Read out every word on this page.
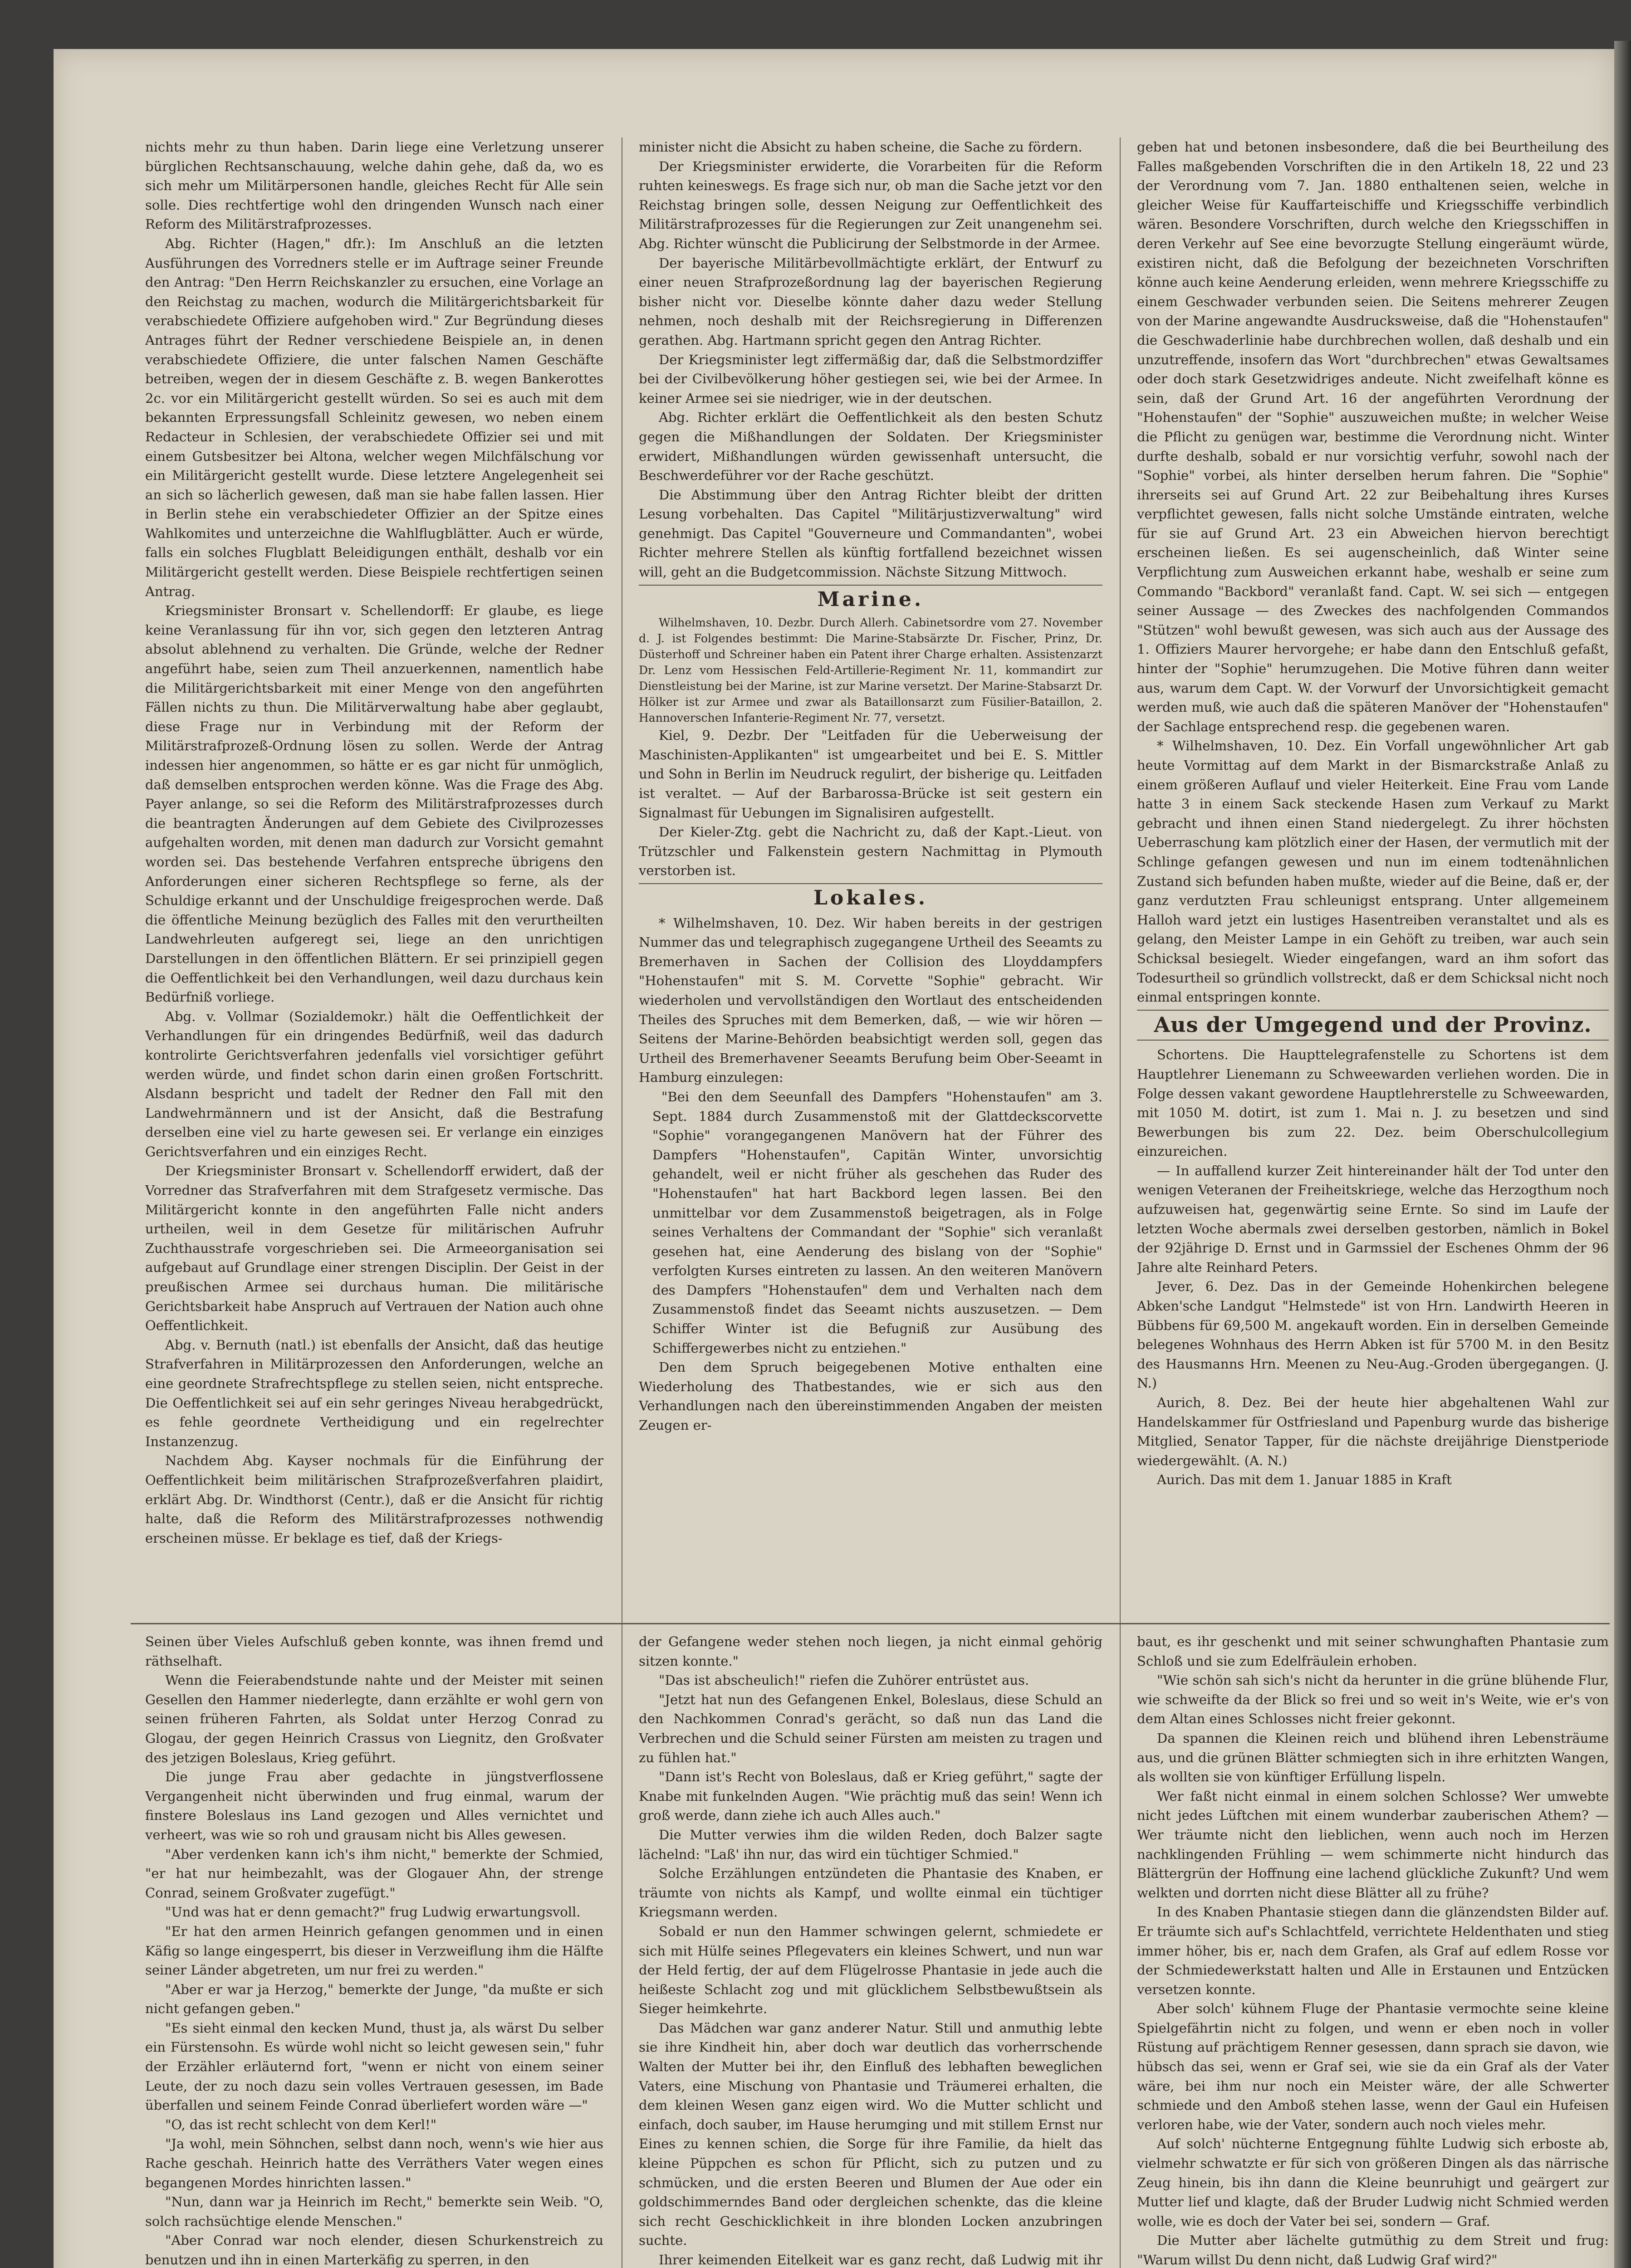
nichts mehr zu thun haben. Darin liege eine Verletzung unserer bürglichen Rechtsanschauung, welche dahin gehe, daß da, wo es sich mehr um Militärpersonen handle, gleiches Recht für Alle sein solle. Dies rechtfertige wohl den dringenden Wunsch nach einer Reform des Militärstrafprozesses.

Abg. Richter (Hagen," dfr.): Im Anschluß an die letzten Ausführungen des Vorredners stelle er im Auftrage seiner Freunde den Antrag: "Den Herrn Reichskanzler zu ersuchen, eine Vorlage an den Reichstag zu machen, wodurch die Militärgerichtsbarkeit für verabschiedete Offiziere aufgehoben wird." Zur Begründung dieses Antrages führt der Redner verschiedene Beispiele an, in denen verabschiedete Offiziere, die unter falschen Namen Geschäfte betreiben, wegen der in diesem Geschäfte z. B. wegen Bankerottes 2c. vor ein Militärgericht gestellt würden. So sei es auch mit dem bekannten Erpressungsfall Schleinitz gewesen, wo neben einem Redacteur in Schlesien, der verabschiedete Offizier sei und mit einem Gutsbesitzer bei Altona, welcher wegen Milchfälschung vor ein Militärgericht gestellt wurde. Diese letztere Angelegenheit sei an sich so lächerlich gewesen, daß man sie habe fallen lassen. Hier in Berlin stehe ein verabschiedeter Offizier an der Spitze eines Wahlkomites und unterzeichne die Wahlflugblätter. Auch er würde, falls ein solches Flugblatt Beleidigungen enthält, deshalb vor ein Militärgericht gestellt werden. Diese Beispiele rechtfertigen seinen Antrag.

Kriegsminister Bronsart v. Schellendorff: Er glaube, es liege keine Veranlassung für ihn vor, sich gegen den letzteren Antrag absolut ablehnend zu verhalten. Die Gründe, welche der Redner angeführt habe, seien zum Theil anzuerkennen, namentlich habe die Militärgerichtsbarkeit mit einer Menge von den angeführten Fällen nichts zu thun. Die Militärverwaltung habe aber geglaubt, diese Frage nur in Verbindung mit der Reform der Militärstrafprozeß-Ordnung lösen zu sollen. Werde der Antrag indessen hier angenommen, so hätte er es gar nicht für unmöglich, daß demselben entsprochen werden könne. Was die Frage des Abg. Payer anlange, so sei die Reform des Militärstrafprozesses durch die beantragten Änderungen auf dem Gebiete des Civilprozesses aufgehalten worden, mit denen man dadurch zur Vorsicht gemahnt worden sei. Das bestehende Verfahren entspreche übrigens den Anforderungen einer sicheren Rechtspflege so ferne, als der Schuldige erkannt und der Unschuldige freigesprochen werde. Daß die öffentliche Meinung bezüglich des Falles mit den verurtheilten Landwehrleuten aufgeregt sei, liege an den unrichtigen Darstellungen in den öffentlichen Blättern. Er sei prinzipiell gegen die Oeffentlichkeit bei den Verhandlungen, weil dazu durchaus kein Bedürfniß vorliege.

Abg. v. Vollmar (Sozialdemokr.) hält die Oeffentlichkeit der Verhandlungen für ein dringendes Bedürfniß, weil das dadurch kontrolirte Gerichtsverfahren jedenfalls viel vorsichtiger geführt werden würde, und findet schon darin einen großen Fortschritt. Alsdann bespricht und tadelt der Redner den Fall mit den Landwehrmännern und ist der Ansicht, daß die Bestrafung derselben eine viel zu harte gewesen sei. Er verlange ein einziges Gerichtsverfahren und ein einziges Recht.

Der Kriegsminister Bronsart v. Schellendorff erwidert, daß der Vorredner das Strafverfahren mit dem Strafgesetz vermische. Das Militärgericht konnte in den angeführten Falle nicht anders urtheilen, weil in dem Gesetze für militärischen Aufruhr Zuchthausstrafe vorgeschrieben sei. Die Armeeorganisation sei aufgebaut auf Grundlage einer strengen Disciplin. Der Geist in der preußischen Armee sei durchaus human. Die militärische Gerichtsbarkeit habe Anspruch auf Vertrauen der Nation auch ohne Oeffentlichkeit.

Abg. v. Bernuth (natl.) ist ebenfalls der Ansicht, daß das heutige Strafverfahren in Militärprozessen den Anforderungen, welche an eine geordnete Strafrechtspflege zu stellen seien, nicht entspreche. Die Oeffentlichkeit sei auf ein sehr geringes Niveau herabgedrückt, es fehle geordnete Vertheidigung und ein regelrechter Instanzenzug.

Nachdem Abg. Kayser nochmals für die Einführung der Oeffentlichkeit beim militärischen Strafprozeßverfahren plaidirt, erklärt Abg. Dr. Windthorst (Centr.), daß er die Ansicht für richtig halte, daß die Reform des Militärstrafprozesses nothwendig erscheinen müsse. Er beklage es tief, daß der Kriegs-

minister nicht die Absicht zu haben scheine, die Sache zu fördern.

Der Kriegsminister erwiderte, die Vorarbeiten für die Reform ruhten keineswegs. Es frage sich nur, ob man die Sache jetzt vor den Reichstag bringen solle, dessen Neigung zur Oeffentlichkeit des Militärstrafprozesses für die Regierungen zur Zeit unangenehm sei. Abg. Richter wünscht die Publicirung der Selbstmorde in der Armee.

Der bayerische Militärbevollmächtigte erklärt, der Entwurf zu einer neuen Strafprozeßordnung lag der bayerischen Regierung bisher nicht vor. Dieselbe könnte daher dazu weder Stellung nehmen, noch deshalb mit der Reichsregierung in Differenzen gerathen. Abg. Hartmann spricht gegen den Antrag Richter.

Der Kriegsminister legt ziffermäßig dar, daß die Selbstmordziffer bei der Civilbevölkerung höher gestiegen sei, wie bei der Armee. In keiner Armee sei sie niedriger, wie in der deutschen.

Abg. Richter erklärt die Oeffentlichkeit als den besten Schutz gegen die Mißhandlungen der Soldaten. Der Kriegsminister erwidert, Mißhandlungen würden gewissenhaft untersucht, die Beschwerdeführer vor der Rache geschützt.

Die Abstimmung über den Antrag Richter bleibt der dritten Lesung vorbehalten. Das Capitel "Militärjustizverwaltung" wird genehmigt. Das Capitel "Gouverneure und Commandanten", wobei Richter mehrere Stellen als künftig fortfallend bezeichnet wissen will, geht an die Budgetcommission. Nächste Sitzung Mittwoch.

Marine.

Wilhelmshaven, 10. Dezbr. Durch Allerh. Cabinetsordre vom 27. November d. J. ist Folgendes bestimmt: Die Marine-Stabsärzte Dr. Fischer, Prinz, Dr. Düsterhoff und Schreiner haben ein Patent ihrer Charge erhalten. Assistenzarzt Dr. Lenz vom Hessischen Feld-Artillerie-Regiment Nr. 11, kommandirt zur Dienstleistung bei der Marine, ist zur Marine versetzt. Der Marine-Stabsarzt Dr. Hölker ist zur Armee und zwar als Bataillonsarzt zum Füsilier-Bataillon, 2. Hannoverschen Infanterie-Regiment Nr. 77, versetzt.

Kiel, 9. Dezbr. Der "Leitfaden für die Ueberweisung der Maschinisten-Applikanten" ist umgearbeitet und bei E. S. Mittler und Sohn in Berlin im Neudruck regulirt, der bisherige qu. Leitfaden ist veraltet. — Auf der Barbarossa-Brücke ist seit gestern ein Signalmast für Uebungen im Signalisiren aufgestellt.

Der Kieler-Ztg. gebt die Nachricht zu, daß der Kapt.-Lieut. von Trützschler und Falkenstein gestern Nachmittag in Plymouth verstorben ist.

Lokales.

* Wilhelmshaven, 10. Dez. Wir haben bereits in der gestrigen Nummer das und telegraphisch zugegangene Urtheil des Seeamts zu Bremerhaven in Sachen der Collision des Lloyddampfers "Hohenstaufen" mit S. M. Corvette "Sophie" gebracht. Wir wiederholen und vervollständigen den Wortlaut des entscheidenden Theiles des Spruches mit dem Bemerken, daß, — wie wir hören — Seitens der Marine-Behörden beabsichtigt werden soll, gegen das Urtheil des Bremerhavener Seeamts Berufung beim Ober-Seeamt in Hamburg einzulegen:

"Bei den dem Seeunfall des Dampfers "Hohenstaufen" am 3. Sept. 1884 durch Zusammenstoß mit der Glattdeckscorvette "Sophie" vorangegangenen Manövern hat der Führer des Dampfers "Hohenstaufen", Capitän Winter, unvorsichtig gehandelt, weil er nicht früher als geschehen das Ruder des "Hohenstaufen" hat hart Backbord legen lassen. Bei den unmittelbar vor dem Zusammenstoß beigetragen, als in Folge seines Verhaltens der Commandant der "Sophie" sich veranlaßt gesehen hat, eine Aenderung des bislang von der "Sophie" verfolgten Kurses eintreten zu lassen. An den weiteren Manövern des Dampfers "Hohenstaufen" dem und Verhalten nach dem Zusammenstoß findet das Seeamt nichts auszusetzen. — Dem Schiffer Winter ist die Befugniß zur Ausübung des Schiffergewerbes nicht zu entziehen."

Den dem Spruch beigegebenen Motive enthalten eine Wiederholung des Thatbestandes, wie er sich aus den Verhandlungen nach den übereinstimmenden Angaben der meisten Zeugen er-

geben hat und betonen insbesondere, daß die bei Beurtheilung des Falles maßgebenden Vorschriften die in den Artikeln 18, 22 und 23 der Verordnung vom 7. Jan. 1880 enthaltenen seien, welche in gleicher Weise für Kauffarteischiffe und Kriegsschiffe verbindlich wären. Besondere Vorschriften, durch welche den Kriegsschiffen in deren Verkehr auf See eine bevorzugte Stellung eingeräumt würde, existiren nicht, daß die Befolgung der bezeichneten Vorschriften könne auch keine Aenderung erleiden, wenn mehrere Kriegsschiffe zu einem Geschwader verbunden seien. Die Seitens mehrerer Zeugen von der Marine angewandte Ausdrucksweise, daß die "Hohenstaufen" die Geschwaderlinie habe durchbrechen wollen, daß deshalb und ein unzutreffende, insofern das Wort "durchbrechen" etwas Gewaltsames oder doch stark Gesetzwidriges andeute. Nicht zweifelhaft könne es sein, daß der Grund Art. 16 der angeführten Verordnung der "Hohenstaufen" der "Sophie" auszuweichen mußte; in welcher Weise die Pflicht zu genügen war, bestimme die Verordnung nicht. Winter durfte deshalb, sobald er nur vorsichtig verfuhr, sowohl nach der "Sophie" vorbei, als hinter derselben herum fahren. Die "Sophie" ihrerseits sei auf Grund Art. 22 zur Beibehaltung ihres Kurses verpflichtet gewesen, falls nicht solche Umstände eintraten, welche für sie auf Grund Art. 23 ein Abweichen hiervon berechtigt erscheinen ließen. Es sei augenscheinlich, daß Winter seine Verpflichtung zum Ausweichen erkannt habe, weshalb er seine zum Commando "Backbord" veranlaßt fand. Capt. W. sei sich — entgegen seiner Aussage — des Zweckes des nachfolgenden Commandos "Stützen" wohl bewußt gewesen, was sich auch aus der Aussage des 1. Offiziers Maurer hervorgehe; er habe dann den Entschluß gefaßt, hinter der "Sophie" herumzugehen. Die Motive führen dann weiter aus, warum dem Capt. W. der Vorwurf der Unvorsichtigkeit gemacht werden muß, wie auch daß die späteren Manöver der "Hohenstaufen" der Sachlage entsprechend resp. die gegebenen waren.

* Wilhelmshaven, 10. Dez. Ein Vorfall ungewöhnlicher Art gab heute Vormittag auf dem Markt in der Bismarckstraße Anlaß zu einem größeren Auflauf und vieler Heiterkeit. Eine Frau vom Lande hatte 3 in einem Sack steckende Hasen zum Verkauf zu Markt gebracht und ihnen einen Stand niedergelegt. Zu ihrer höchsten Ueberraschung kam plötzlich einer der Hasen, der vermutlich mit der Schlinge gefangen gewesen und nun im einem todtenähnlichen Zustand sich befunden haben mußte, wieder auf die Beine, daß er, der ganz verdutzten Frau schleunigst entsprang. Unter allgemeinem Halloh ward jetzt ein lustiges Hasentreiben veranstaltet und als es gelang, den Meister Lampe in ein Gehöft zu treiben, war auch sein Schicksal besiegelt. Wieder eingefangen, ward an ihm sofort das Todesurtheil so gründlich vollstreckt, daß er dem Schicksal nicht noch einmal entspringen konnte.

Aus der Umgegend und der Provinz.

Schortens. Die Haupttelegrafenstelle zu Schortens ist dem Hauptlehrer Lienemann zu Schweewarden verliehen worden. Die in Folge dessen vakant gewordene Hauptlehrerstelle zu Schweewarden, mit 1050 M. dotirt, ist zum 1. Mai n. J. zu besetzen und sind Bewerbungen bis zum 22. Dez. beim Oberschulcollegium einzureichen.

— In auffallend kurzer Zeit hintereinander hält der Tod unter den wenigen Veteranen der Freiheitskriege, welche das Herzogthum noch aufzuweisen hat, gegenwärtig seine Ernte. So sind im Laufe der letzten Woche abermals zwei derselben gestorben, nämlich in Bokel der 92jährige D. Ernst und in Garmssiel der Eschenes Ohmm der 96 Jahre alte Reinhard Peters.

Jever, 6. Dez. Das in der Gemeinde Hohenkirchen belegene Abken'sche Landgut "Helmstede" ist von Hrn. Landwirth Heeren in Bübbens für 69,500 M. angekauft worden. Ein in derselben Gemeinde belegenes Wohnhaus des Herrn Abken ist für 5700 M. in den Besitz des Hausmanns Hrn. Meenen zu Neu-Aug.-Groden übergegangen. (J. N.)

Aurich, 8. Dez. Bei der heute hier abgehaltenen Wahl zur Handelskammer für Ostfriesland und Papenburg wurde das bisherige Mitglied, Senator Tapper, für die nächste dreijährige Dienstperiode wiedergewählt. (A. N.)

Aurich. Das mit dem 1. Januar 1885 in Kraft

Seinen über Vieles Aufschluß geben konnte, was ihnen fremd und räthselhaft.

Wenn die Feierabendstunde nahte und der Meister mit seinen Gesellen den Hammer niederlegte, dann erzählte er wohl gern von seinen früheren Fahrten, als Soldat unter Herzog Conrad zu Glogau, der gegen Heinrich Crassus von Liegnitz, den Großvater des jetzigen Boleslaus, Krieg geführt.

Die junge Frau aber gedachte in jüngstverflossene Vergangenheit nicht überwinden und frug einmal, warum der finstere Boleslaus ins Land gezogen und Alles vernichtet und verheert, was wie so roh und grausam nicht bis Alles gewesen.

"Aber verdenken kann ich's ihm nicht," bemerkte der Schmied, "er hat nur heimbezahlt, was der Glogauer Ahn, der strenge Conrad, seinem Großvater zugefügt."

"Und was hat er denn gemacht?" frug Ludwig erwartungsvoll.

"Er hat den armen Heinrich gefangen genommen und in einen Käfig so lange eingesperrt, bis dieser in Verzweiflung ihm die Hälfte seiner Länder abgetreten, um nur frei zu werden."

"Aber er war ja Herzog," bemerkte der Junge, "da mußte er sich nicht gefangen geben."

"Es sieht einmal den kecken Mund, thust ja, als wärst Du selber ein Fürstensohn. Es würde wohl nicht so leicht gewesen sein," fuhr der Erzähler erläuternd fort, "wenn er nicht von einem seiner Leute, der zu noch dazu sein volles Vertrauen gesessen, im Bade überfallen und seinem Feinde Conrad überliefert worden wäre —"

"O, das ist recht schlecht von dem Kerl!"

"Ja wohl, mein Söhnchen, selbst dann noch, wenn's wie hier aus Rache geschah. Heinrich hatte des Verräthers Vater wegen eines begangenen Mordes hinrichten lassen."

"Nun, dann war ja Heinrich im Recht," bemerkte sein Weib. "O, solch rachsüchtige elende Menschen."

"Aber Conrad war noch elender, diesen Schurkenstreich zu benutzen und ihn in einen Marterkäfig zu sperren, in den

der Gefangene weder stehen noch liegen, ja nicht einmal gehörig sitzen konnte."

"Das ist abscheulich!" riefen die Zuhörer entrüstet aus.

"Jetzt hat nun des Gefangenen Enkel, Boleslaus, diese Schuld an den Nachkommen Conrad's gerächt, so daß nun das Land die Verbrechen und die Schuld seiner Fürsten am meisten zu tragen und zu fühlen hat."

"Dann ist's Recht von Boleslaus, daß er Krieg geführt," sagte der Knabe mit funkelnden Augen. "Wie prächtig muß das sein! Wenn ich groß werde, dann ziehe ich auch Alles auch."

Die Mutter verwies ihm die wilden Reden, doch Balzer sagte lächelnd: "Laß' ihn nur, das wird ein tüchtiger Schmied."

Solche Erzählungen entzündeten die Phantasie des Knaben, er träumte von nichts als Kampf, und wollte einmal ein tüchtiger Kriegsmann werden.

Sobald er nun den Hammer schwingen gelernt, schmiedete er sich mit Hülfe seines Pflegevaters ein kleines Schwert, und nun war der Held fertig, der auf dem Flügelrosse Phantasie in jede auch die heißeste Schlacht zog und mit glücklichem Selbstbewußtsein als Sieger heimkehrte.

Das Mädchen war ganz anderer Natur. Still und anmuthig lebte sie ihre Kindheit hin, aber doch war deutlich das vorherrschende Walten der Mutter bei ihr, den Einfluß des lebhaften beweglichen Vaters, eine Mischung von Phantasie und Träumerei erhalten, die dem kleinen Wesen ganz eigen wird. Wo die Mutter schlicht und einfach, doch sauber, im Hause herumging und mit stillem Ernst nur Eines zu kennen schien, die Sorge für ihre Familie, da hielt das kleine Püppchen es schon für Pflicht, sich zu putzen und zu schmücken, und die ersten Beeren und Blumen der Aue oder ein goldschimmerndes Band oder dergleichen schenkte, das die kleine sich recht Geschicklichkeit in ihre blonden Locken anzubringen suchte.

Ihrer keimenden Eitelkeit war es ganz recht, daß Ludwig mit ihr

baut, es ihr geschenkt und mit seiner schwunghaften Phantasie zum Schloß und sie zum Edelfräulein erhoben.

"Wie schön sah sich's nicht da herunter in die grüne blühende Flur, wie schweifte da der Blick so frei und so weit in's Weite, wie er's von dem Altan eines Schlosses nicht freier gekonnt.

Da spannen die Kleinen reich und blühend ihren Lebensträume aus, und die grünen Blätter schmiegten sich in ihre erhitzten Wangen, als wollten sie von künftiger Erfüllung lispeln.

Wer faßt nicht einmal in einem solchen Schlosse? Wer umwebte nicht jedes Lüftchen mit einem wunderbar zauberischen Athem? — Wer träumte nicht den lieblichen, wenn auch noch im Herzen nachklingenden Frühling — wem schimmerte nicht hindurch das Blättergrün der Hoffnung eine lachend glückliche Zukunft? Und wem welkten und dorrten nicht diese Blätter all zu frühe?

In des Knaben Phantasie stiegen dann die glänzendsten Bilder auf. Er träumte sich auf's Schlachtfeld, verrichtete Heldenthaten und stieg immer höher, bis er, nach dem Grafen, als Graf auf edlem Rosse vor der Schmiedewerkstatt halten und Alle in Erstaunen und Entzücken versetzen konnte.

Aber solch' kühnem Fluge der Phantasie vermochte seine kleine Spielgefährtin nicht zu folgen, und wenn er eben noch in voller Rüstung auf prächtigem Renner gesessen, dann sprach sie davon, wie hübsch das sei, wenn er Graf sei, wie sie da ein Graf als der Vater wäre, bei ihm nur noch ein Meister wäre, der alle Schwerter schmiede und den Amboß stehen lasse, wenn der Gaul ein Hufeisen verloren habe, wie der Vater, sondern auch noch vieles mehr.

Auf solch' nüchterne Entgegnung fühlte Ludwig sich erboste ab, vielmehr schwatzte er für sich von größeren Dingen als das närrische Zeug hinein, bis ihn dann die Kleine beunruhigt und geärgert zur Mutter lief und klagte, daß der Bruder Ludwig nicht Schmied werden wolle, wie es doch der Vater bei sei, sondern — Graf.

Die Mutter aber lächelte gutmüthig zu dem Streit und frug: "Warum willst Du denn nicht, daß Ludwig Graf wird?"
